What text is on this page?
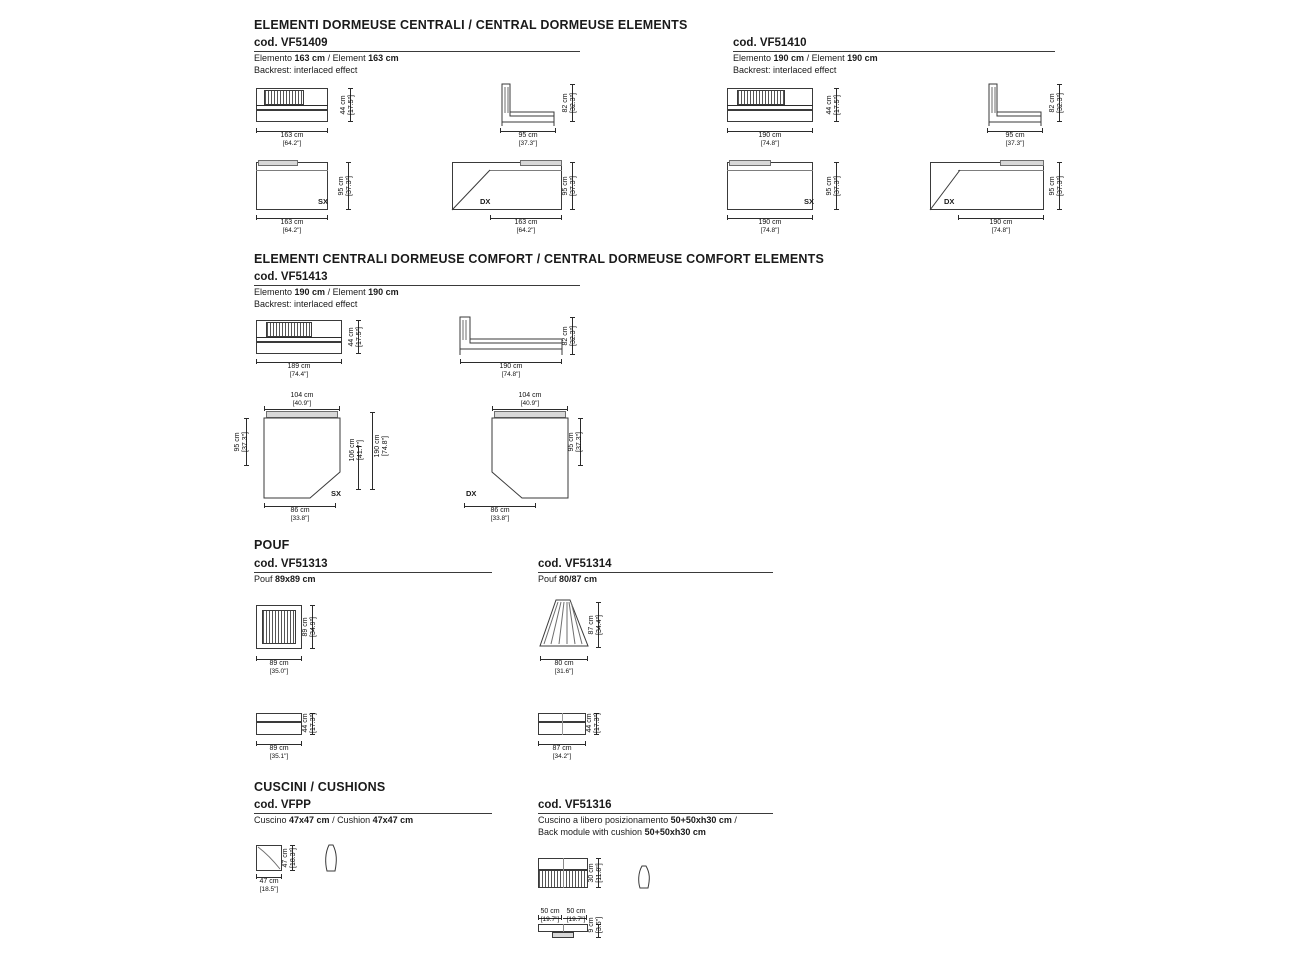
ELEMENTI DORMEUSE CENTRALI / CENTRAL DORMEUSE ELEMENTS
cod. VF51409
Elemento 163 cm / Element 163 cm
Backrest: interlaced effect
163 cm
[64.2"]
44 cm [17.5"]
95 cm
[37.3"]
82 cm [32.3"]
SX
163 cm
[64.2"]
95 cm [37.3"]
DX
163 cm
[64.2"]
95 cm [37.3"]
cod. VF51410
Elemento 190 cm / Element 190 cm
Backrest: interlaced effect
190 cm
[74.8"]
44 cm [17.5"]
95 cm
[37.3"]
82 cm [32.3"]
SX
190 cm
[74.8"]
95 cm [37.3"]
DX
190 cm
[74.8"]
95 cm [37.3"]
ELEMENTI CENTRALI DORMEUSE COMFORT / CENTRAL DORMEUSE COMFORT ELEMENTS
cod. VF51413
Elemento 190 cm / Element 190 cm
Backrest: interlaced effect
189 cm
[74.4"]
44 cm [17.5"]
190 cm
[74.8"]
82 cm [32.3"]
104 cm
[40.9"]
SX
95 cm [37.3"]	190 cm [74.8"]
106 cm [41.7"]
86 cm
[33.8"]
104 cm
[40.9"]
DX
95 cm [37.3"]
86 cm
[33.8"]
POUF
cod. VF51313
Pouf 89x89 cm
89 cm
[35.0"]
89 cm [34.9"]
89 cm
[35.1"]
44 cm [17.3"]
cod. VF51314
Pouf 80/87 cm
80 cm
[31.6"]
87 cm [34.4"]
87 cm
[34.2"]
44 cm [17.3"]
CUSCINI / CUSHIONS
cod. VFPP
Cuscino 47x47 cm / Cushion 47x47 cm
47 cm
[18.5"]
47 cm [18.3"]
cod. VF51316
Cuscino a libero posizionamento 50+50xh30 cm /
Back module with cushion 50+50xh30 cm
30 cm [11.8"]
50 cm 50 cm
[19.7"]	[19.7"] 9 cm [3.5"]
